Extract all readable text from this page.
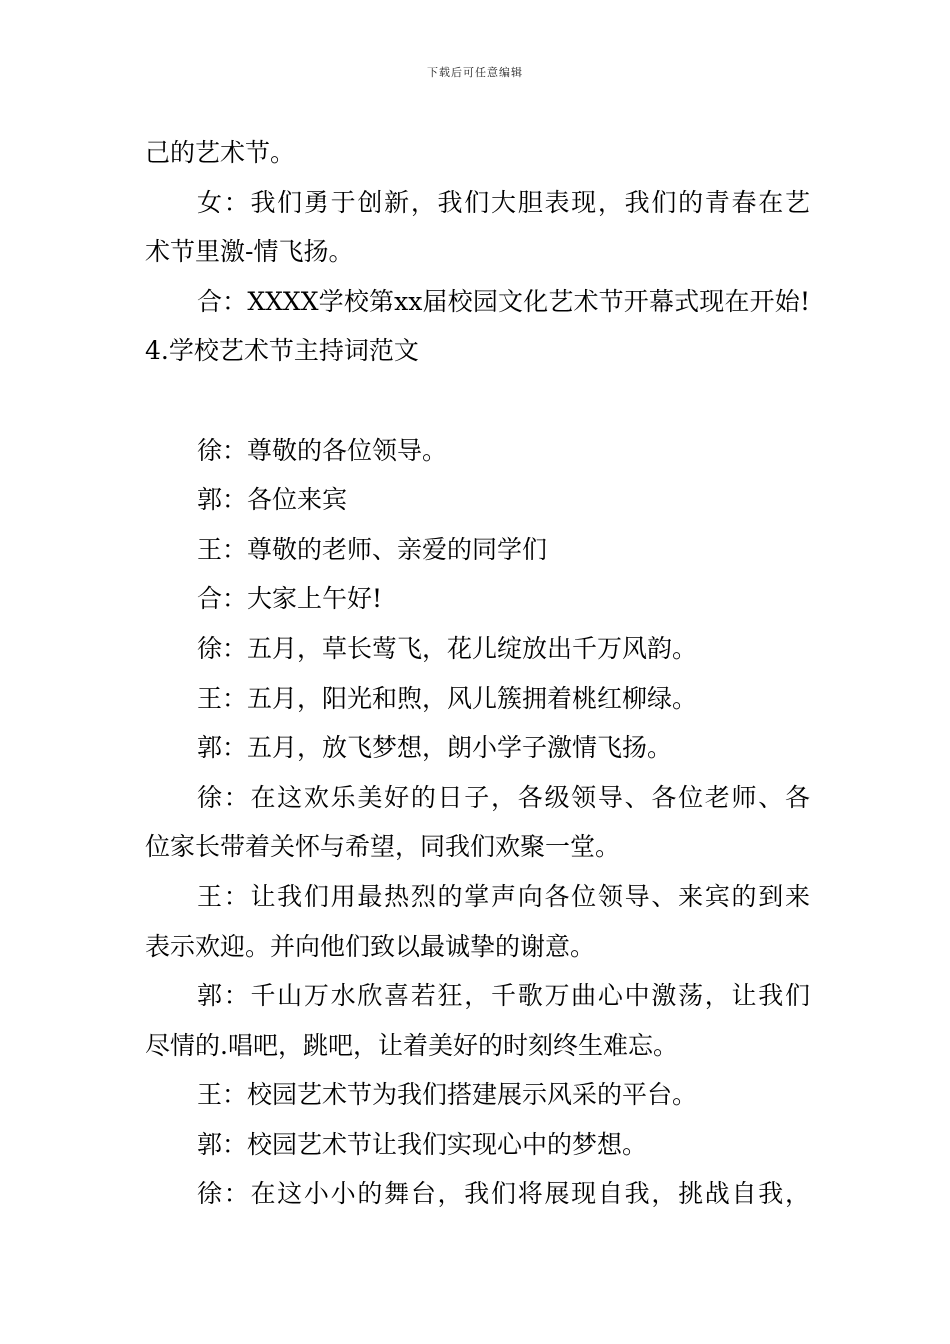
下载后可任意编辑
己的艺术节。
女：我们勇于创新，我们大胆表现，我们的青春在艺
术节里激-情飞扬。
合：XXXX学校第xx届校园文化艺术节开幕式现在开始!
4.学校艺术节主持词范文
徐：尊敬的各位领导。
郭：各位来宾
王：尊敬的老师、亲爱的同学们
合：大家上午好!
徐：五月，草长莺飞，花儿绽放出千万风韵。
王：五月，阳光和煦，风儿簇拥着桃红柳绿。
郭：五月，放飞梦想，朗小学子激情飞扬。
徐：在这欢乐美好的日子，各级领导、各位老师、各
位家长带着关怀与希望，同我们欢聚一堂。
王：让我们用最热烈的掌声向各位领导、来宾的到来
表示欢迎。并向他们致以最诚挚的谢意。
郭：千山万水欣喜若狂，千歌万曲心中激荡，让我们
尽情的.唱吧，跳吧，让着美好的时刻终生难忘。
王：校园艺术节为我们搭建展示风采的平台。
郭：校园艺术节让我们实现心中的梦想。
徐：在这小小的舞台，我们将展现自我，挑战自我，
